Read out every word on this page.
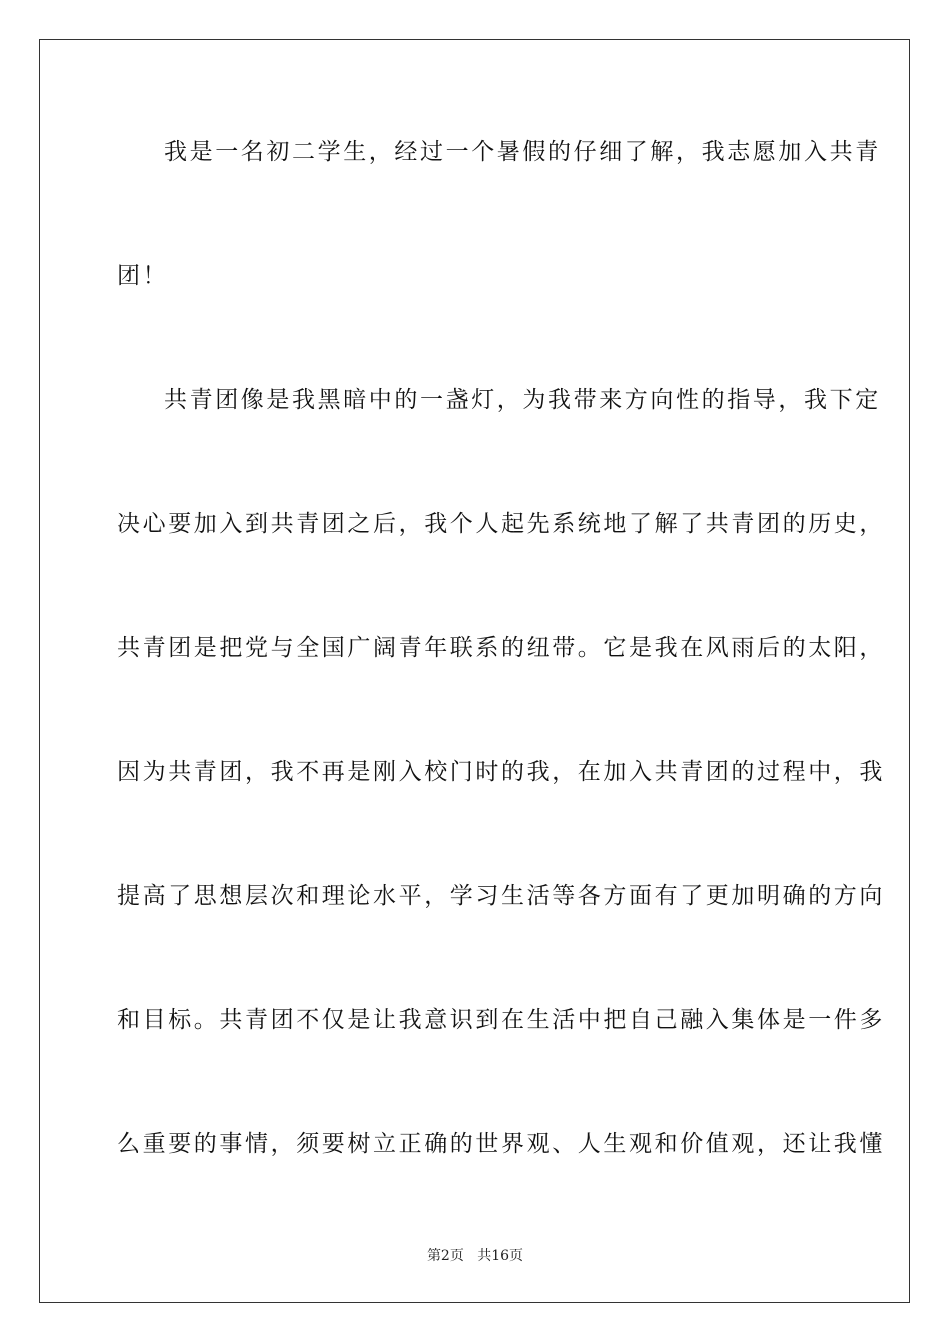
我是一名初二学生，经过一个暑假的仔细了解，我志愿加入共青
团！
共青团像是我黑暗中的一盏灯，为我带来方向性的指导，我下定
决心要加入到共青团之后，我个人起先系统地了解了共青团的历史，
共青团是把党与全国广阔青年联系的纽带。它是我在风雨后的太阳，
因为共青团，我不再是刚入校门时的我，在加入共青团的过程中，我
提高了思想层次和理论水平，学习生活等各方面有了更加明确的方向
和目标。共青团不仅是让我意识到在生活中把自己融入集体是一件多
么重要的事情，须要树立正确的世界观、人生观和价值观，还让我懂
第2页 共16页
